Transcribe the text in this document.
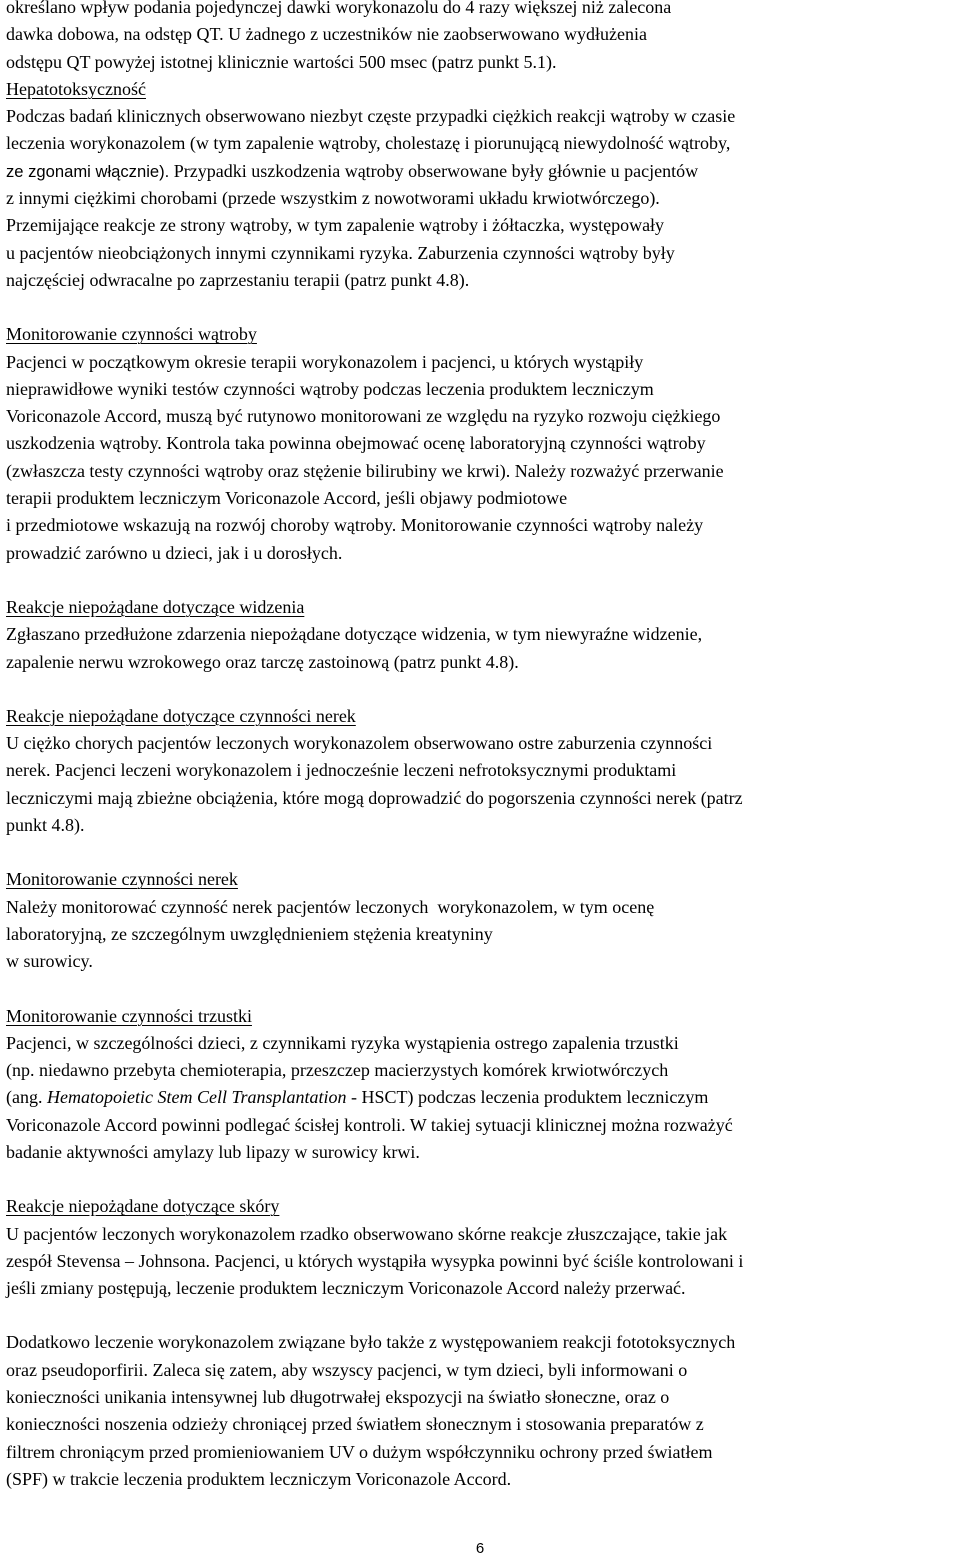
określano wpływ podania pojedynczej dawki worykonazolu do 4 razy większej niż zalecona
dawka dobowa, na odstęp QT. U żadnego z uczestników nie zaobserwowano wydłużenia
odstępu QT powyżej istotnej klinicznie wartości 500 msec (patrz punkt 5.1).
Hepatotoksyczność
Podczas badań klinicznych obserwowano niezbyt częste przypadki ciężkich reakcji wątroby w czasie
leczenia worykonazolem (w tym zapalenie wątroby, cholestazę i piorunującą niewydolność wątroby,
ze zgonami włącznie). Przypadki uszkodzenia wątroby obserwowane były głównie u pacjentów
z innymi ciężkimi chorobami (przede wszystkim z nowotworami układu krwiotwórczego).
Przemijające reakcje ze strony wątroby, w tym zapalenie wątroby i żółtaczka, występowały
u pacjentów nieobciążonych innymi czynnikami ryzyka. Zaburzenia czynności wątroby były
najczęściej odwracalne po zaprzestaniu terapii (patrz punkt 4.8).
Monitorowanie czynności wątroby
Pacjenci w początkowym okresie terapii worykonazolem i pacjenci, u których wystąpiły
nieprawidłowe wyniki testów czynności wątroby podczas leczenia produktem leczniczym
Voriconazole Accord, muszą być rutynowo monitorowani ze względu na ryzyko rozwoju ciężkiego
uszkodzenia wątroby. Kontrola taka powinna obejmować ocenę laboratoryjną czynności wątroby
(zwłaszcza testy czynności wątroby oraz stężenie bilirubiny we krwi). Należy rozważyć przerwanie
terapii produktem leczniczym Voriconazole Accord, jeśli objawy podmiotowe
i przedmiotowe wskazują na rozwój choroby wątroby. Monitorowanie czynności wątroby należy
prowadzić zarówno u dzieci, jak i u dorosłych.
Reakcje niepożądane dotyczące widzenia
Zgłaszano przedłużone zdarzenia niepożądane dotyczące widzenia, w tym niewyraźne widzenie,
zapalenie nerwu wzrokowego oraz tarczę zastoinową (patrz punkt 4.8).
Reakcje niepożądane dotyczące czynności nerek
U ciężko chorych pacjentów leczonych worykonazolem obserwowano ostre zaburzenia czynności
nerek. Pacjenci leczeni worykonazolem i jednocześnie leczeni nefrotoksycznymi produktami
leczniczymi mają zbieżne obciążenia, które mogą doprowadzić do pogorszenia czynności nerek (patrz
punkt 4.8).
Monitorowanie czynności nerek
Należy monitorować czynność nerek pacjentów leczonych  worykonazolem, w tym ocenę
laboratoryjną, ze szczególnym uwzględnieniem stężenia kreatyniny
w surowicy.
Monitorowanie czynności trzustki
Pacjenci, w szczególności dzieci, z czynnikami ryzyka wystąpienia ostrego zapalenia trzustki
(np. niedawno przebyta chemioterapia, przeszczep macierzystych komórek krwiotwórczych
(ang. Hematopoietic Stem Cell Transplantation - HSCT) podczas leczenia produktem leczniczym
Voriconazole Accord powinni podlegać ścisłej kontroli. W takiej sytuacji klinicznej można rozważyć
badanie aktywności amylazy lub lipazy w surowicy krwi.
Reakcje niepożądane dotyczące skóry
U pacjentów leczonych worykonazolem rzadko obserwowano skórne reakcje złuszczające, takie jak
zespół Stevensa – Johnsona. Pacjenci, u których wystąpiła wysypka powinni być ściśle kontrolowani i
jeśli zmiany postępują, leczenie produktem leczniczym Voriconazole Accord należy przerwać.
Dodatkowo leczenie worykonazolem związane było także z występowaniem reakcji fototoksycznych
oraz pseudoporfirii. Zaleca się zatem, aby wszyscy pacjenci, w tym dzieci, byli informowani o
konieczności unikania intensywnej lub długotrwałej ekspozycji na światło słoneczne, oraz o
konieczności noszenia odzieży chroniącej przed światłem słonecznym i stosowania preparatów z
filtrem chroniącym przed promieniowaniem UV o dużym współczynniku ochrony przed światłem
(SPF) w trakcie leczenia produktem leczniczym Voriconazole Accord.
6
